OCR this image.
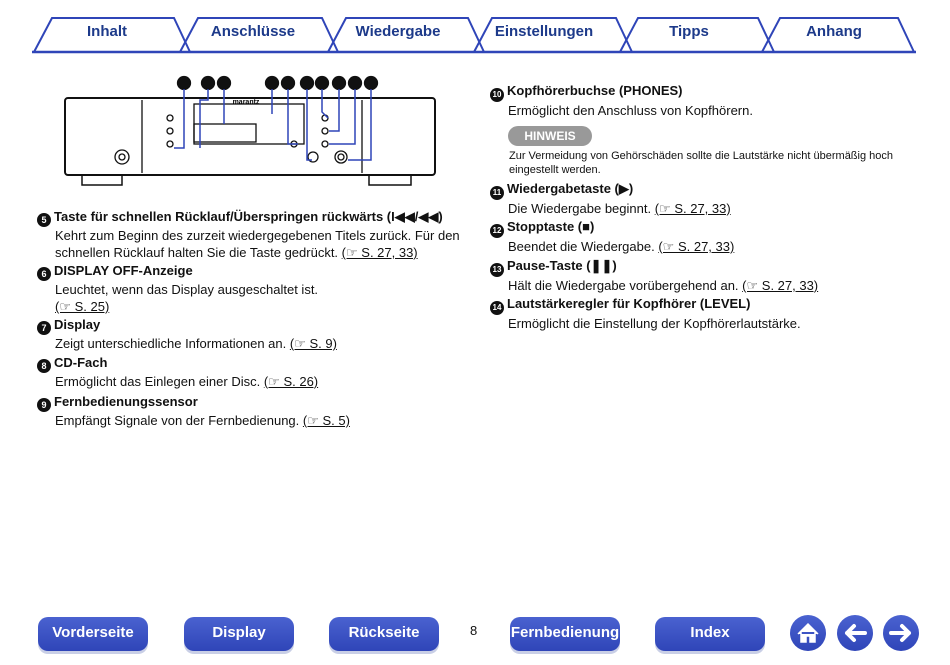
Inhalt	Anschlüsse	Wiedergabe	Einstellungen	Tipps	Anhang
marantz
5 Taste für schnellen Rücklauf/Überspringen rückwärts (I◀◀/◀◀)
Kehrt zum Beginn des zurzeit wiedergegebenen Titels zurück. Für den schnellen Rücklauf halten Sie die Taste gedrückt. (☞ S. 27, 33)
6 DISPLAY OFF-Anzeige
Leuchtet, wenn das Display ausgeschaltet ist.
(☞ S. 25)
7 Display
Zeigt unterschiedliche Informationen an. (☞ S. 9)
8 CD-Fach
Ermöglicht das Einlegen einer Disc. (☞ S. 26)
9 Fernbedienungssensor
Empfängt Signale von der Fernbedienung. (☞ S. 5)
10 Kopfhörerbuchse (PHONES)
Ermöglicht den Anschluss von Kopfhörern.
HINWEIS
Zur Vermeidung von Gehörschäden sollte die Lautstärke nicht übermäßig hoch eingestellt werden.
11 Wiedergabetaste (▶)
Die Wiedergabe beginnt. (☞ S. 27, 33)
12 Stopptaste (■)
Beendet die Wiedergabe. (☞ S. 27, 33)
13 Pause-Taste (❚❚)
Hält die Wiedergabe vorübergehend an. (☞ S. 27, 33)
14 Lautstärkeregler für Kopfhörer (LEVEL)
Ermöglicht die Einstellung der Kopfhörerlautstärke.
Vorderseite	Display	Rückseite	8 Fernbedienung	Index
